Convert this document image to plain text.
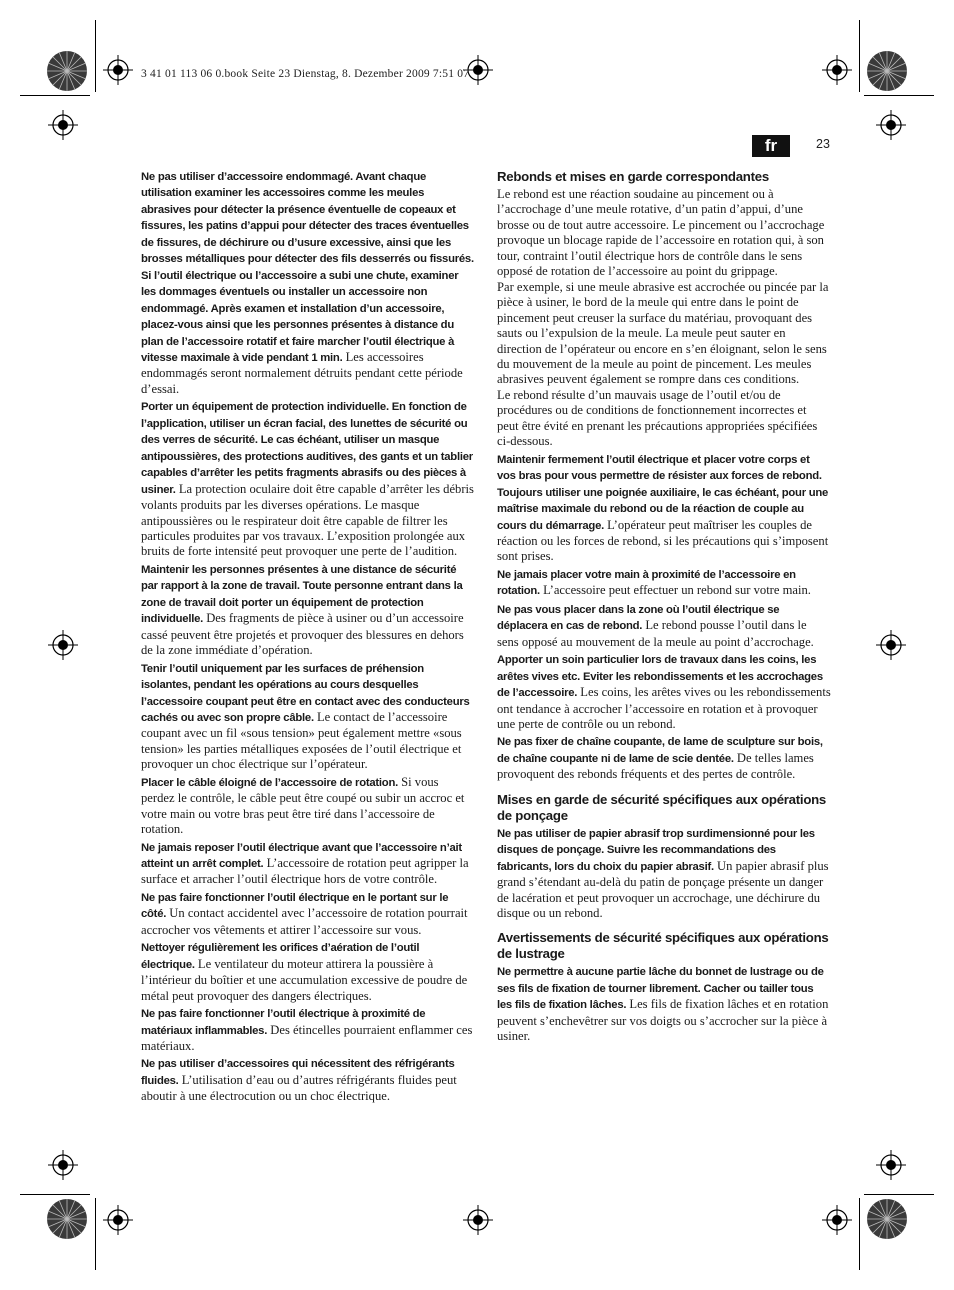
3 41 01 113 06 0.book Seite 23 Dienstag, 8. Dezember 2009 7:51 07
fr	23

Ne pas utiliser d’accessoire endommagé. Avant chaque utilisation examiner les accessoires comme les meules abrasives pour détecter la présence éventuelle de copeaux et fissures, les patins d’appui pour détecter des traces éventuelles de fissures, de déchirure ou d’usure excessive, ainsi que les brosses métalliques pour détecter des fils desserrés ou fissurés. Si l’outil électrique ou l’accessoire a subi une chute, examiner les dommages éventuels ou installer un accessoire non endommagé. Après examen et installation d’un accessoire, placez-vous ainsi que les personnes présentes à distance du plan de l’accessoire rotatif et faire marcher l’outil électrique à vitesse maximale à vide pendant 1 min. Les accessoires endommagés seront normalement détruits pendant cette période d’essai.

Porter un équipement de protection individuelle. En fonction de l’application, utiliser un écran facial, des lunettes de sécurité ou des verres de sécurité. Le cas échéant, utiliser un masque antipoussières, des protections auditives, des gants et un tablier capables d’arrêter les petits fragments abrasifs ou des pièces à usiner. La protection oculaire doit être capable d’arrêter les débris volants produits par les diverses opérations. Le masque antipoussières ou le respirateur doit être capable de filtrer les particules produites par vos travaux. L’exposition prolongée aux bruits de forte intensité peut provoquer une perte de l’audition.

Maintenir les personnes présentes à une distance de sécurité par rapport à la zone de travail. Toute personne entrant dans la zone de travail doit porter un équipement de protection individuelle. Des fragments de pièce à usiner ou d’un accessoire cassé peuvent être projetés et provoquer des blessures en dehors de la zone immédiate d’opération.

Tenir l’outil uniquement par les surfaces de préhension isolantes, pendant les opérations au cours desquelles l’accessoire coupant peut être en contact avec des conducteurs cachés ou avec son propre câble. Le contact de l’accessoire coupant avec un fil «sous tension» peut également mettre «sous tension» les parties métalliques exposées de l’outil électrique et provoquer un choc électrique sur l’opérateur.

Placer le câble éloigné de l’accessoire de rotation. Si vous perdez le contrôle, le câble peut être coupé ou subir un accroc et votre main ou votre bras peut être tiré dans l’accessoire de rotation.

Ne jamais reposer l’outil électrique avant que l’accessoire n’ait atteint un arrêt complet. L’accessoire de rotation peut agripper la surface et arracher l’outil électrique hors de votre contrôle.

Ne pas faire fonctionner l’outil électrique en le portant sur le côté. Un contact accidentel avec l’accessoire de rotation pourrait accrocher vos vêtements et attirer l’accessoire sur vous.

Nettoyer régulièrement les orifices d’aération de l’outil électrique. Le ventilateur du moteur attirera la poussière à l’intérieur du boîtier et une accumulation excessive de poudre de métal peut provoquer des dangers électriques.

Ne pas faire fonctionner l’outil électrique à proximité de matériaux inflammables. Des étincelles pourraient enflammer ces matériaux.

Ne pas utiliser d’accessoires qui nécessitent des réfrigérants fluides. L’utilisation d’eau ou d’autres réfrigérants fluides peut aboutir à une électrocution ou un choc électrique.

Rebonds et mises en garde correspondantes

Le rebond est une réaction soudaine au pincement ou à l’accrochage d’une meule rotative, d’un patin d’appui, d’une brosse ou de tout autre accessoire. Le pincement ou l’accrochage provoque un blocage rapide de l’accessoire en rotation qui, à son tour, contraint l’outil électrique hors de contrôle dans le sens opposé de rotation de l’accessoire au point du grippage.

Par exemple, si une meule abrasive est accrochée ou pincée par la pièce à usiner, le bord de la meule qui entre dans le point de pincement peut creuser la surface du matériau, provoquant des sauts ou l’expulsion de la meule. La meule peut sauter en direction de l’opérateur ou encore en s’en éloignant, selon le sens du mouvement de la meule au point de pincement. Les meules abrasives peuvent également se rompre dans ces conditions.

Le rebond résulte d’un mauvais usage de l’outil et/ou de procédures ou de conditions de fonctionnement incorrectes et peut être évité en prenant les précautions appropriées spécifiées ci-dessous.

Maintenir fermement l’outil électrique et placer votre corps et vos bras pour vous permettre de résister aux forces de rebond. Toujours utiliser une poignée auxiliaire, le cas échéant, pour une maîtrise maximale du rebond ou de la réaction de couple au cours du démarrage. L’opérateur peut maîtriser les couples de réaction ou les forces de rebond, si les précautions qui s’imposent sont prises.

Ne jamais placer votre main à proximité de l’accessoire en rotation. L’accessoire peut effectuer un rebond sur votre main.

Ne pas vous placer dans la zone où l’outil électrique se déplacera en cas de rebond. Le rebond pousse l’outil dans le sens opposé au mouvement de la meule au point d’accrochage.

Apporter un soin particulier lors de travaux dans les coins, les arêtes vives etc. Eviter les rebondissements et les accrochages de l’accessoire. Les coins, les arêtes vives ou les rebondissements ont tendance à accrocher l’accessoire en rotation et à provoquer une perte de contrôle ou un rebond.

Ne pas fixer de chaîne coupante, de lame de sculpture sur bois, de chaîne coupante ni de lame de scie dentée. De telles lames provoquent des rebonds fréquents et des pertes de contrôle.

Mises en garde de sécurité spécifiques aux opérations de ponçage

Ne pas utiliser de papier abrasif trop surdimensionné pour les disques de ponçage. Suivre les recommandations des fabricants, lors du choix du papier abrasif. Un papier abrasif plus grand s’étendant au-delà du patin de ponçage présente un danger de lacération et peut provoquer un accrochage, une déchirure du disque ou un rebond.

Avertissements de sécurité spécifiques aux opérations de lustrage

Ne permettre à aucune partie lâche du bonnet de lustrage ou de ses fils de fixation de tourner librement. Cacher ou tailler tous les fils de fixation lâches. Les fils de fixation lâches et en rotation peuvent s’enchevêtrer sur vos doigts ou s’accrocher sur la pièce à usiner.
